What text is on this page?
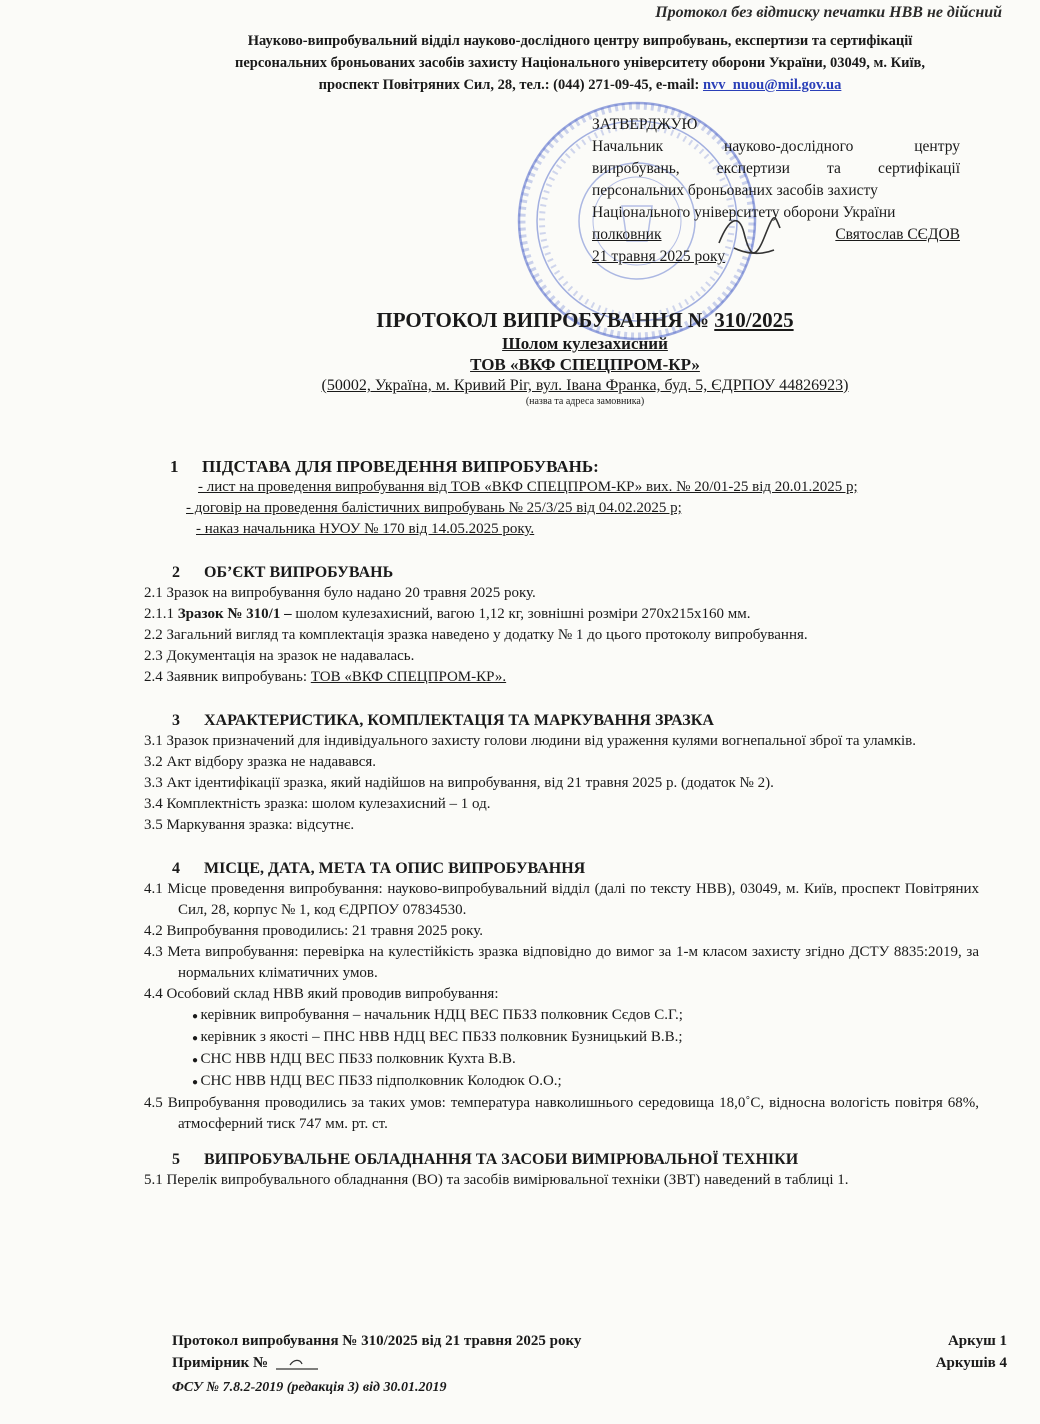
Протокол без відтиску печатки НВВ не дійсний
Науково-випробувальний відділ науково-дослідного центру випробувань, експертизи та сертифікації
персональних броньованих засобів захисту Національного університету оборони України, 03049, м. Київ,
проспект Повітряних Сил, 28, тел.: (044) 271-09-45, e-mail: nvv_nuou@mil.gov.ua
ЗАТВЕРДЖУЮ
Начальник науково-дослідного центру
випробувань, експертизи та сертифікації
персональних броньованих засобів захисту
Національного університету оборони України
полковник	Святослав СЄДОВ
21 травня 2025 року
ПРОТОКОЛ ВИПРОБУВАННЯ № 310/2025
Шолом кулезахисний
ТОВ «ВКФ СПЕЦПРОМ-КР»
(50002, Україна, м. Кривий Ріг, вул. Івана Франка, буд. 5, ЄДРПОУ 44826923)
(назва та адреса замовника)
1 ПІДСТАВА ДЛЯ ПРОВЕДЕННЯ ВИПРОБУВАНЬ:
- лист на проведення випробування від ТОВ «ВКФ СПЕЦПРОМ-КР» вих. № 20/01-25 від 20.01.2025 р;
- договір на проведення балістичних випробувань № 25/3/25 від 04.02.2025 р;
- наказ начальника НУОУ № 170 від 14.05.2025 року.
2 ОБ’ЄКТ ВИПРОБУВАНЬ
2.1 Зразок на випробування було надано 20 травня 2025 року.
2.1.1 Зразок № 310/1 – шолом кулезахисний, вагою 1,12 кг, зовнішні розміри 270x215x160 мм.
2.2 Загальний вигляд та комплектація зразка наведено у додатку № 1 до цього протоколу випробування.
2.3 Документація на зразок не надавалась.
2.4 Заявник випробувань: ТОВ «ВКФ СПЕЦПРОМ-КР».
3 ХАРАКТЕРИСТИКА, КОМПЛЕКТАЦІЯ ТА МАРКУВАННЯ ЗРАЗКА
3.1 Зразок призначений для індивідуального захисту голови людини від ураження кулями вогнепальної зброї та уламків.
3.2 Акт відбору зразка не надавався.
3.3 Акт ідентифікації зразка, який надійшов на випробування, від 21 травня 2025 р. (додаток № 2).
3.4 Комплектність зразка: шолом кулезахисний – 1 од.
3.5 Маркування зразка: відсутнє.
4 МІСЦЕ, ДАТА, МЕТА ТА ОПИС ВИПРОБУВАННЯ
4.1 Місце проведення випробування: науково-випробувальний відділ (далі по тексту НВВ), 03049, м. Київ, проспект Повітряних Сил, 28, корпус № 1, код ЄДРПОУ 07834530.
4.2 Випробування проводились: 21 травня 2025 року.
4.3 Мета випробування: перевірка на кулестійкість зразка відповідно до вимог за 1-м класом захисту згідно ДСТУ 8835:2019, за нормальних кліматичних умов.
4.4 Особовий склад НВВ який проводив випробування:
● керівник випробування – начальник НДЦ ВЕС ПБЗЗ полковник Сєдов С.Г.;
● керівник з якості – ПНС НВВ НДЦ ВЕС ПБЗЗ полковник Бузницький В.В.;
● СНС НВВ НДЦ ВЕС ПБЗЗ полковник Кухта В.В.
● СНС НВВ НДЦ ВЕС ПБЗЗ підполковник Колодюк О.О.;
4.5 Випробування проводились за таких умов: температура навколишнього середовища 18,0˚С, відносна вологість повітря 68%, атмосферний тиск 747 мм. рт. ст.
5 ВИПРОБУВАЛЬНЕ ОБЛАДНАННЯ ТА ЗАСОБИ ВИМІРЮВАЛЬНОЇ ТЕХНІКИ
5.1 Перелік випробувального обладнання (ВО) та засобів вимірювальної техніки (ЗВТ) наведений в таблиці 1.
Протокол випробування № 310/2025 від 21 травня 2025 року	Аркуш 1
Примірник №	Аркушів 4
ФСУ № 7.8.2-2019 (редакція 3) від 30.01.2019
